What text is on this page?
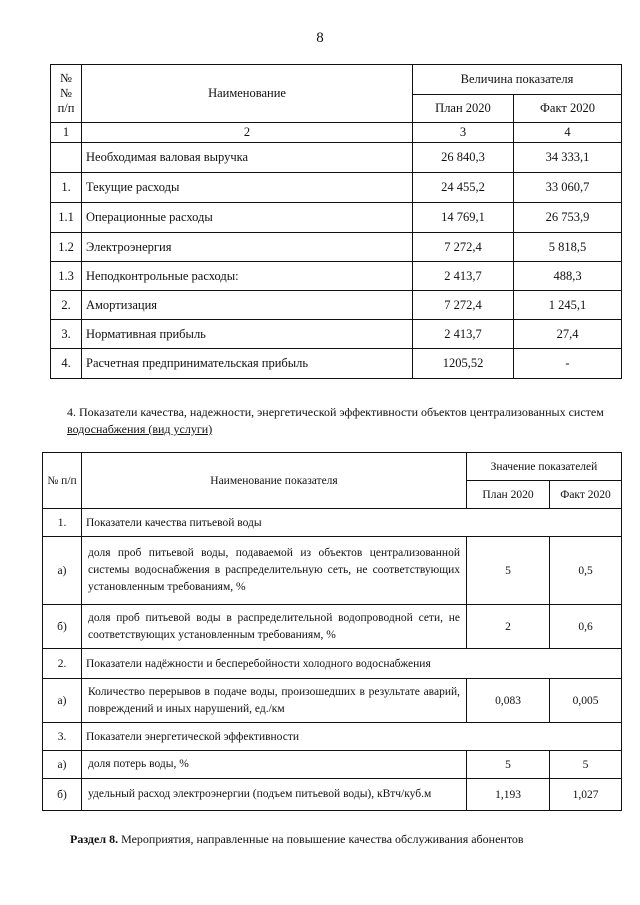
8
№№ п/п	Наименование	Величина показателя	
		План 2020	Факт 2020
1	2	3	4
	Необходимая валовая выручка	26 840,3	34 333,1
1.	Текущие расходы	24 455,2	33 060,7
1.1	Операционные расходы	14 769,1	26 753,9
1.2	Электроэнергия	7 272,4	5 818,5
1.3	Неподконтрольные расходы:	2 413,7	488,3
2.	Амортизация	7 272,4	1 245,1
3.	Нормативная прибыль	2 413,7	27,4
4.	Расчетная предпринимательская прибыль	1205,52	-
4. Показатели качества, надежности, энергетической эффективности объектов централизованных систем водоснабжения (вид услуги)
№ п/п	Наименование показателя	Значение показателей	
		План 2020	Факт 2020
1.	Показатели качества питьевой воды		
а)	доля проб питьевой воды, подаваемой из объектов централизованной системы водоснабжения в распределительную сеть, не соответствующих установленным требованиям, %	5	0,5
б)	доля проб питьевой воды в распределительной водопроводной сети, не соответствующих установленным требованиям, %	2	0,6
2.	Показатели надёжности и бесперебойности холодного водоснабжения		
а)	Количество перерывов в подаче воды, произошедших в результате аварий, повреждений и иных нарушений, ед./км	0,083	0,005
3.	Показатели энергетической эффективности		
а)	доля потерь воды, %	5	5
б)	удельный расход электроэнергии (подъем питьевой воды), кВтч/куб.м	1,193	1,027
Раздел 8. Мероприятия, направленные на повышение качества обслуживания абонентов
